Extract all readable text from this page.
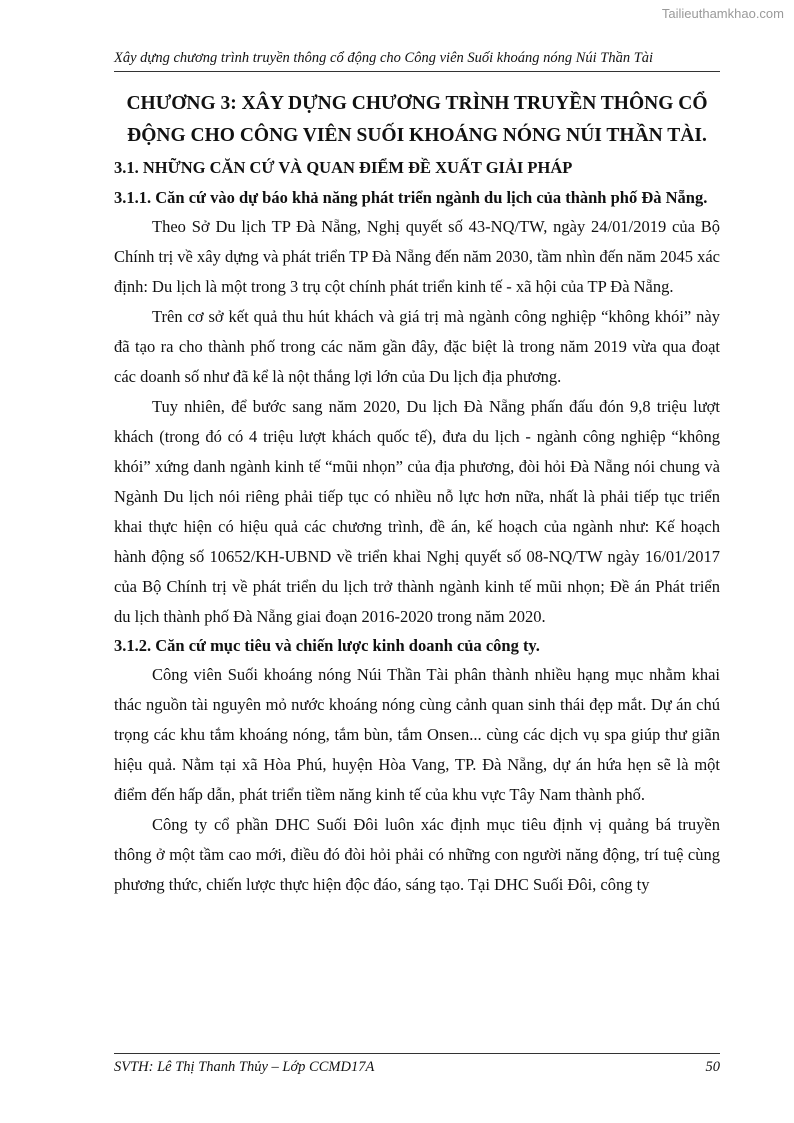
Tailieuthamkhao.com
Xây dựng chương trình truyền thông cổ động cho Công viên Suối khoáng nóng Núi Thần Tài

CHƯƠNG 3: XÂY DỰNG CHƯƠNG TRÌNH TRUYỀN THÔNG CỔ ĐỘNG CHO CÔNG VIÊN SUỐI KHOÁNG NÓNG NÚI THẦN TÀI.

3.1. NHỮNG CĂN CỨ VÀ QUAN ĐIỂM ĐỀ XUẤT GIẢI PHÁP

3.1.1. Căn cứ vào dự báo khả năng phát triển ngành du lịch của thành phố Đà Nẵng.

Theo Sở Du lịch TP Đà Nẵng, Nghị quyết số 43-NQ/TW, ngày 24/01/2019 của Bộ Chính trị về xây dựng và phát triển TP Đà Nẵng đến năm 2030, tầm nhìn đến năm 2045 xác định: Du lịch là một trong 3 trụ cột chính phát triển kinh tế - xã hội của TP Đà Nẵng.

Trên cơ sở kết quả thu hút khách và giá trị mà ngành công nghiệp “không khói” này đã tạo ra cho thành phố trong các năm gần đây, đặc biệt là trong năm 2019 vừa qua đoạt các doanh số như đã kể là nột thắng lợi lớn của Du lịch địa phương.

Tuy nhiên, để bước sang năm 2020, Du lịch Đà Nẵng phấn đấu đón 9,8 triệu lượt khách (trong đó có 4 triệu lượt khách quốc tế), đưa du lịch - ngành công nghiệp “không khói” xứng danh ngành kinh tế “mũi nhọn” của địa phương, đòi hỏi Đà Nẵng nói chung và Ngành Du lịch nói riêng phải tiếp tục có nhiều nỗ lực hơn nữa, nhất là phải tiếp tục triển khai thực hiện có hiệu quả các chương trình, đề án, kế hoạch của ngành như: Kế hoạch hành động số 10652/KH-UBND về triển khai Nghị quyết số 08-NQ/TW ngày 16/01/2017 của Bộ Chính trị về phát triển du lịch trở thành ngành kinh tế mũi nhọn; Đề án Phát triển du lịch thành phố Đà Nẵng giai đoạn 2016-2020 trong năm 2020.

3.1.2. Căn cứ mục tiêu và chiến lược kinh doanh của công ty.

Công viên Suối khoáng nóng Núi Thần Tài phân thành nhiều hạng mục nhằm khai thác nguồn tài nguyên mỏ nước khoáng nóng cùng cảnh quan sinh thái đẹp mắt. Dự án chú trọng các khu tắm khoáng nóng, tắm bùn, tắm Onsen... cùng các dịch vụ spa giúp thư giãn hiệu quả. Nằm tại xã Hòa Phú, huyện Hòa Vang, TP. Đà Nẵng, dự án hứa hẹn sẽ là một điểm đến hấp dẫn, phát triển tiềm năng kinh tế của khu vực Tây Nam thành phố.

Công ty cổ phần DHC Suối Đôi luôn xác định mục tiêu định vị quảng bá truyền thông ở một tầm cao mới, điều đó đòi hỏi phải có những con người năng động, trí tuệ cùng phương thức, chiến lược thực hiện độc đáo, sáng tạo. Tại DHC Suối Đôi, công ty

SVTH: Lê Thị Thanh Thủy – Lớp CCMD17A	50
